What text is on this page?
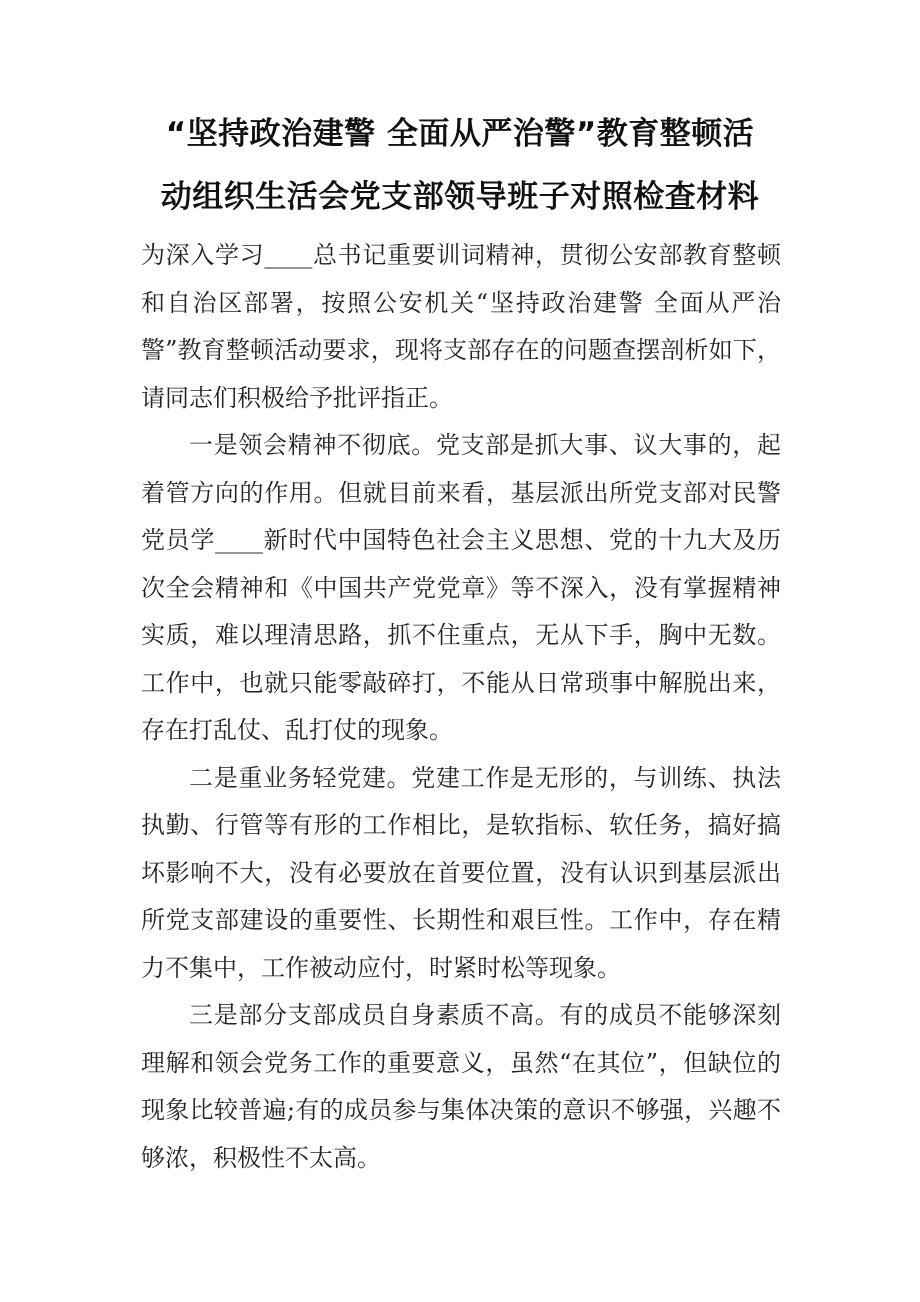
“坚持政治建警 全面从严治警”教育整顿活
动组织生活会党支部领导班子对照检查材料

为深入学习____总书记重要训词精神，贯彻公安部教育整顿和自治区部署，按照公安机关“坚持政治建警 全面从严治警”教育整顿活动要求，现将支部存在的问题查摆剖析如下，请同志们积极给予批评指正。

一是领会精神不彻底。党支部是抓大事、议大事的，起着管方向的作用。但就目前来看，基层派出所党支部对民警党员学____新时代中国特色社会主义思想、党的十九大及历次全会精神和《中国共产党党章》等不深入，没有掌握精神实质，难以理清思路，抓不住重点，无从下手，胸中无数。工作中，也就只能零敲碎打，不能从日常琐事中解脱出来，存在打乱仗、乱打仗的现象。

二是重业务轻党建。党建工作是无形的，与训练、执法执勤、行管等有形的工作相比，是软指标、软任务，搞好搞坏影响不大，没有必要放在首要位置，没有认识到基层派出所党支部建设的重要性、长期性和艰巨性。工作中，存在精力不集中，工作被动应付，时紧时松等现象。

三是部分支部成员自身素质不高。有的成员不能够深刻理解和领会党务工作的重要意义，虽然“在其位”，但缺位的现象比较普遍;有的成员参与集体决策的意识不够强，兴趣不够浓，积极性不太高。
